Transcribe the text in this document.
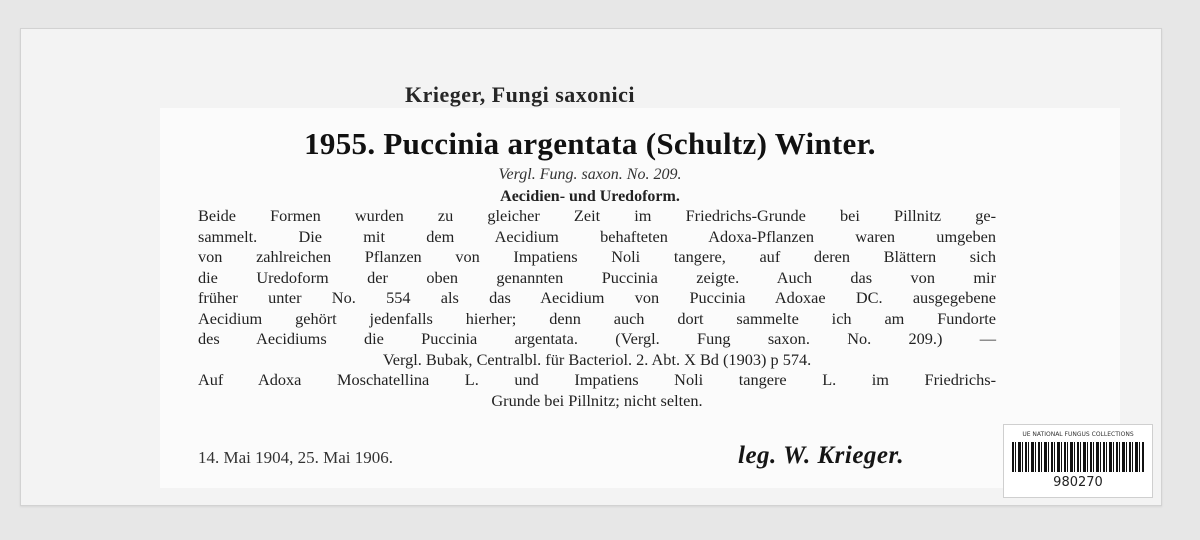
Krieger, Fungi saxonici
1955. Puccinia argentata (Schultz) Winter.
Vergl. Fung. saxon. No. 209.
Aecidien- und Uredoform.
Beide Formen wurden zu gleicher Zeit im Friedrichs-Grunde bei Pillnitz ge-
sammelt. Die mit dem Aecidium behafteten Adoxa-Pflanzen waren umgeben
von zahlreichen Pflanzen von Impatiens Noli tangere, auf deren Blättern sich
die Uredoform der oben genannten Puccinia zeigte. Auch das von mir
früher unter No. 554 als das Aecidium von Puccinia Adoxae DC. ausgegebene
Aecidium gehört jedenfalls hierher; denn auch dort sammelte ich am Fundorte
des Aecidiums die Puccinia argentata. (Vergl. Fung saxon. No. 209.) —
Vergl. Bubak, Centralbl. für Bacteriol. 2. Abt. X Bd (1903) p 574.
Auf Adoxa Moschatellina L. und Impatiens Noli tangere L. im Friedrichs-
Grunde bei Pillnitz; nicht selten.
14. Mai 1904, 25. Mai 1906.	leg. W. Krieger.
UE NATIONAL FUNGUS COLLECTIONS
980270
